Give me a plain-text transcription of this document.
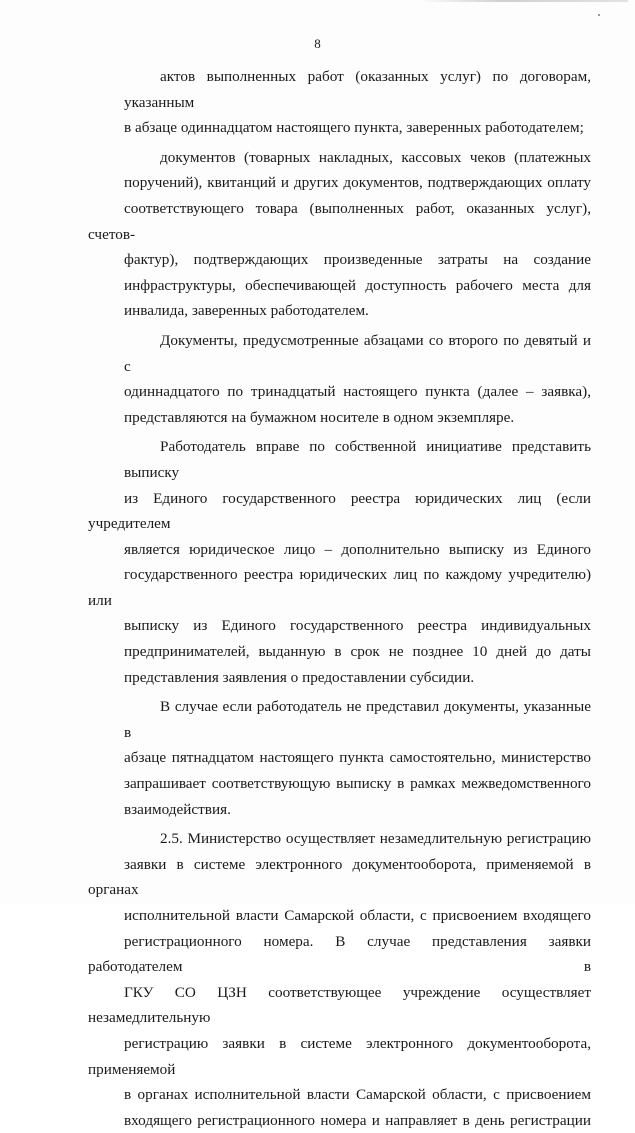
8

актов выполненных работ (оказанных услуг) по договорам, указанным
в абзаце одиннадцатом настоящего пункта, заверенных работодателем;

документов (товарных накладных, кассовых чеков (платежных
поручений), квитанций и других документов, подтверждающих оплату
соответствующего товара (выполненных работ, оказанных услуг), счетов-
фактур), подтверждающих произведенные затраты на создание
инфраструктуры, обеспечивающей доступность рабочего места для
инвалида, заверенных работодателем.

Документы, предусмотренные абзацами со второго по девятый и с
одиннадцатого по тринадцатый настоящего пункта (далее – заявка),
представляются на бумажном носителе в одном экземпляре.

Работодатель вправе по собственной инициативе представить выписку
из Единого государственного реестра юридических лиц (если учредителем
является юридическое лицо – дополнительно выписку из Единого
государственного реестра юридических лиц по каждому учредителю) или
выписку из Единого государственного реестра индивидуальных
предпринимателей, выданную в срок не позднее 10 дней до даты
представления заявления о предоставлении субсидии.

В случае если работодатель не представил документы, указанные в
абзаце пятнадцатом настоящего пункта самостоятельно, министерство
запрашивает соответствующую выписку в рамках межведомственного
взаимодействия.

2.5. Министерство осуществляет незамедлительную регистрацию
заявки в системе электронного документооборота, применяемой в органах
исполнительной власти Самарской области, с присвоением входящего
регистрационного номера. В случае представления заявки работодателем в
ГКУ СО ЦЗН соответствующее учреждение осуществляет незамедлительную
регистрацию заявки в системе электронного документооборота, применяемой
в органах исполнительной власти Самарской области, с присвоением
входящего регистрационного номера и направляет в день регистрации
